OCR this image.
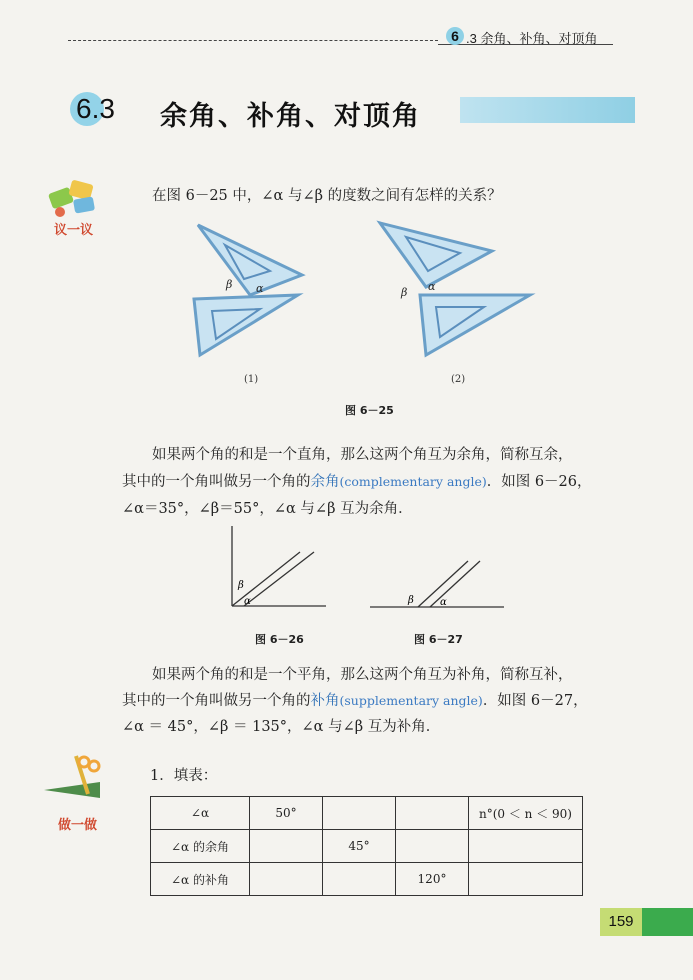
6 .3 余角、补角、对顶角
6.3 余角、补角、对顶角
议一议
在图 6－25 中，∠α 与∠β 的度数之间有怎样的关系？
β α	β α
(1)	(2)
图 6－25
如果两个角的和是一个直角，那么这两个角互为余角，简称互余，
其中的一个角叫做另一个角的余角(complementary angle)．如图 6－26，
∠α＝35°，∠β＝55°，∠α 与∠β 互为余角．
β
α
图 6－26
β	α
图 6－27
如果两个角的和是一个平角，那么这两个角互为补角，简称互补，
其中的一个角叫做另一个角的补角(supplementary angle)．如图 6－27，
∠α ＝ 45°，∠β ＝ 135°，∠α 与∠β 互为补角．
做一做
1．填表：
∠α	50°			n°(0 ＜ n ＜ 90)
∠α 的余角		45°		
∠α 的补角			120°	
159
